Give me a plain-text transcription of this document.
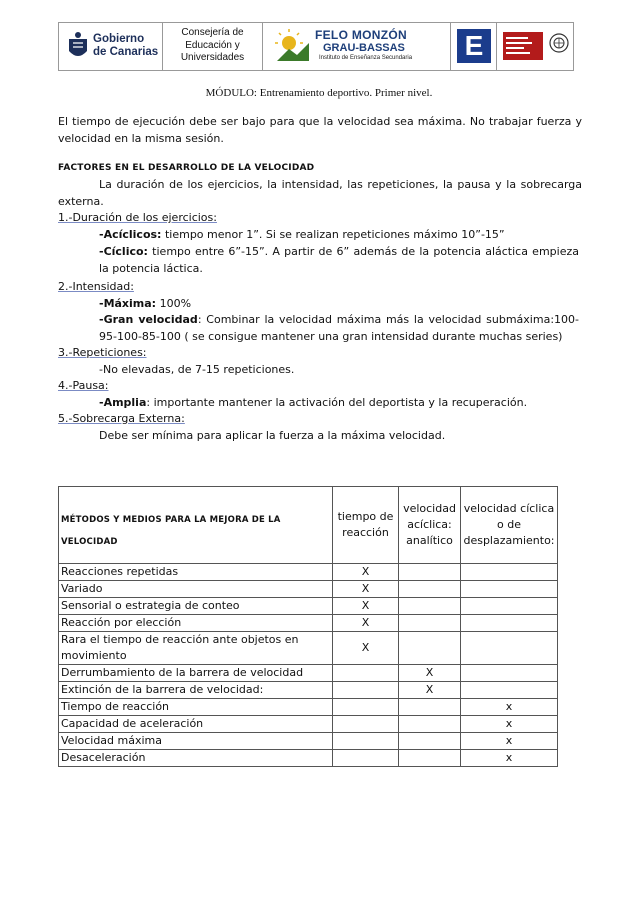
Gobierno
de Canarias
Consejería de
Educación y
Universidades
FELO MONZÓN
GRAU-BASSAS
Instituto de Enseñanza Secundaria E
MÓDULO: Entrenamiento deportivo. Primer nivel.
El tiempo de ejecución debe ser bajo para que la velocidad sea máxima. No trabajar fuerza y velocidad en la misma sesión.
FACTORES EN EL DESARROLLO DE LA VELOCIDAD
La duración de los ejercicios, la intensidad, las repeticiones, la pausa y la sobrecarga externa.
1.-Duración de los ejercicios:
-Acíclicos: tiempo menor 1”. Si se realizan repeticiones máximo 10”-15”
-Cíclico: tiempo entre 6”-15”. A partir de 6” además de la potencia aláctica empieza la potencia láctica.
2.-Intensidad:
-Máxima: 100%
-Gran velocidad: Combinar la velocidad máxima más la velocidad submáxima:100-95-100-85-100 ( se consigue mantener una gran intensidad durante muchas series)
3.-Repeticiones:
-No elevadas, de 7-15 repeticiones.
4.-Pausa:
-Amplia: importante mantener la activación del deportista y la recuperación.
5.-Sobrecarga Externa:
Debe ser mínima para aplicar la fuerza a la máxima velocidad.
MÉTODOS Y MEDIOS PARA LA MEJORA DE LA
VELOCIDAD	tiempo de reacción	velocidad acíclica: analítico	velocidad cíclica o de desplazamiento:
Reacciones repetidas	X		
Variado	X		
Sensorial o estrategia de conteo	X		
Reacción por elección	X		
Rara el tiempo de reacción ante objetos en movimiento	X		
Derrumbamiento de la barrera de velocidad		X	
Extinción de la barrera de velocidad:		X	
Tiempo de reacción			x
Capacidad de aceleración			x
Velocidad máxima			x
Desaceleración			x
